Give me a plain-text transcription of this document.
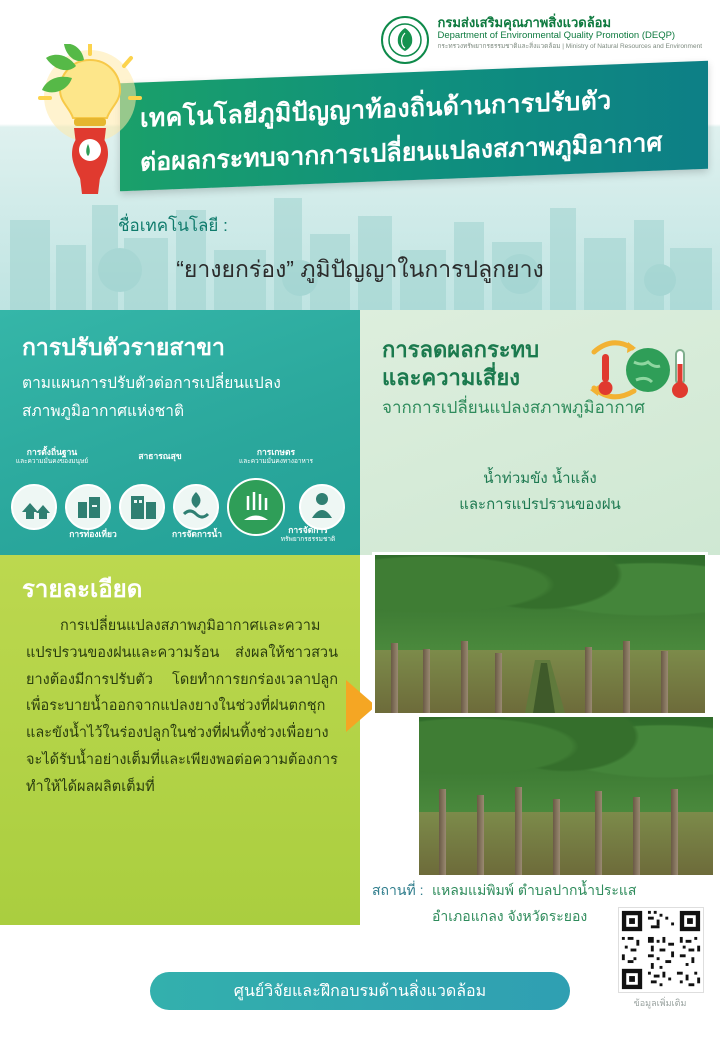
กรมส่งเสริมคุณภาพสิ่งแวดล้อม
Department of Environmental Quality Promotion (DEQP)
กระทรวงทรัพยากรธรรมชาติและสิ่งแวดล้อม | Ministry of Natural Resources and Environment
เทคโนโลยีภูมิปัญญาท้องถิ่นด้านการปรับตัว
ต่อผลกระทบจากการเปลี่ยนแปลงสภาพภูมิอากาศ
ชื่อเทคโนโลยี :
“ยางยกร่อง” ภูมิปัญญาในการปลูกยาง
การปรับตัวรายสาขา
ตามแผนการปรับตัวต่อการเปลี่ยนแปลง
สภาพภูมิอากาศแห่งชาติ
การตั้งถิ่นฐาน
และความมั่นคงของมนุษย์
สาธารณสุข	การเกษตร
และความมั่นคงทางอาหาร
การท่องเที่ยว	การจัดการน้ำ	การจัดการ
ทรัพยากรธรรมชาติ
การลดผลกระทบ
และความเสี่ยง
จากการเปลี่ยนแปลงสภาพภูมิอากาศ
น้ำท่วมขัง น้ำแล้ง
และการแปรปรวนของฝน
รายละเอียด
การเปลี่ยนแปลงสภาพภูมิอากาศและความแปรปรวนของฝนและความร้อน ส่งผลให้ชาวสวนยางต้องมีการปรับตัว โดยทำการยกร่องเวลาปลูกเพื่อระบายน้ำออกจากแปลงยางในช่วงที่ฝนตกชุก และขังน้ำไว้ในร่องปลูกในช่วงที่ฝนทิ้งช่วงเพื่อยางจะได้รับน้ำอย่างเต็มที่และเพียงพอต่อความต้องการ ทำให้ได้ผลผลิตเต็มที่
สถานที่ : แหลมแม่พิมพ์ ตำบลปากน้ำประแส
อำเภอแกลง จังหวัดระยอง
ข้อมูลเพิ่มเติม
ศูนย์วิจัยและฝึกอบรมด้านสิ่งแวดล้อม
